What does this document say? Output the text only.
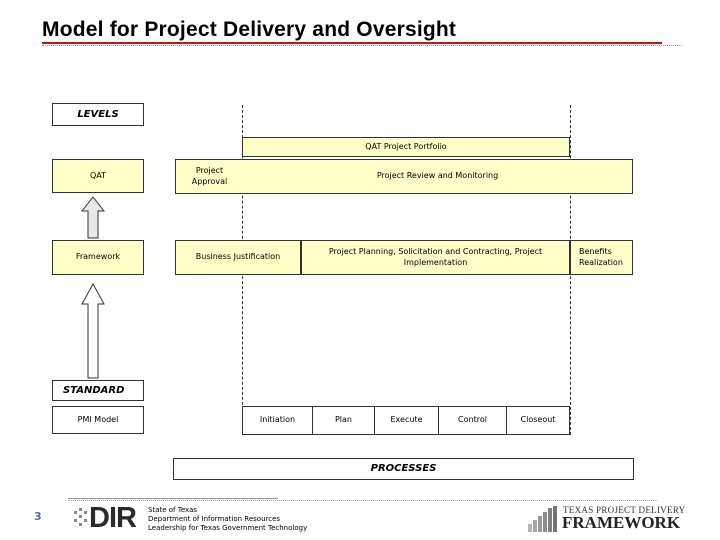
Model for Project Delivery and Oversight
LEVELS
QAT Project Portfolio
QAT
Project
Approval
Project Review and Monitoring
Framework	Business Justification
Project Planning, Solicitation and Contracting, Project
Implementation
Benefits
Realization
STANDARD
PMI Model	Initiation	Plan	Execute	Control	Closeout
PROCESSES
3 DIR State of Texas
Department of Information Resources
Leadership for Texas Government Technology
TEXAS PROJECT DELIVERY
FRAMEWORK
